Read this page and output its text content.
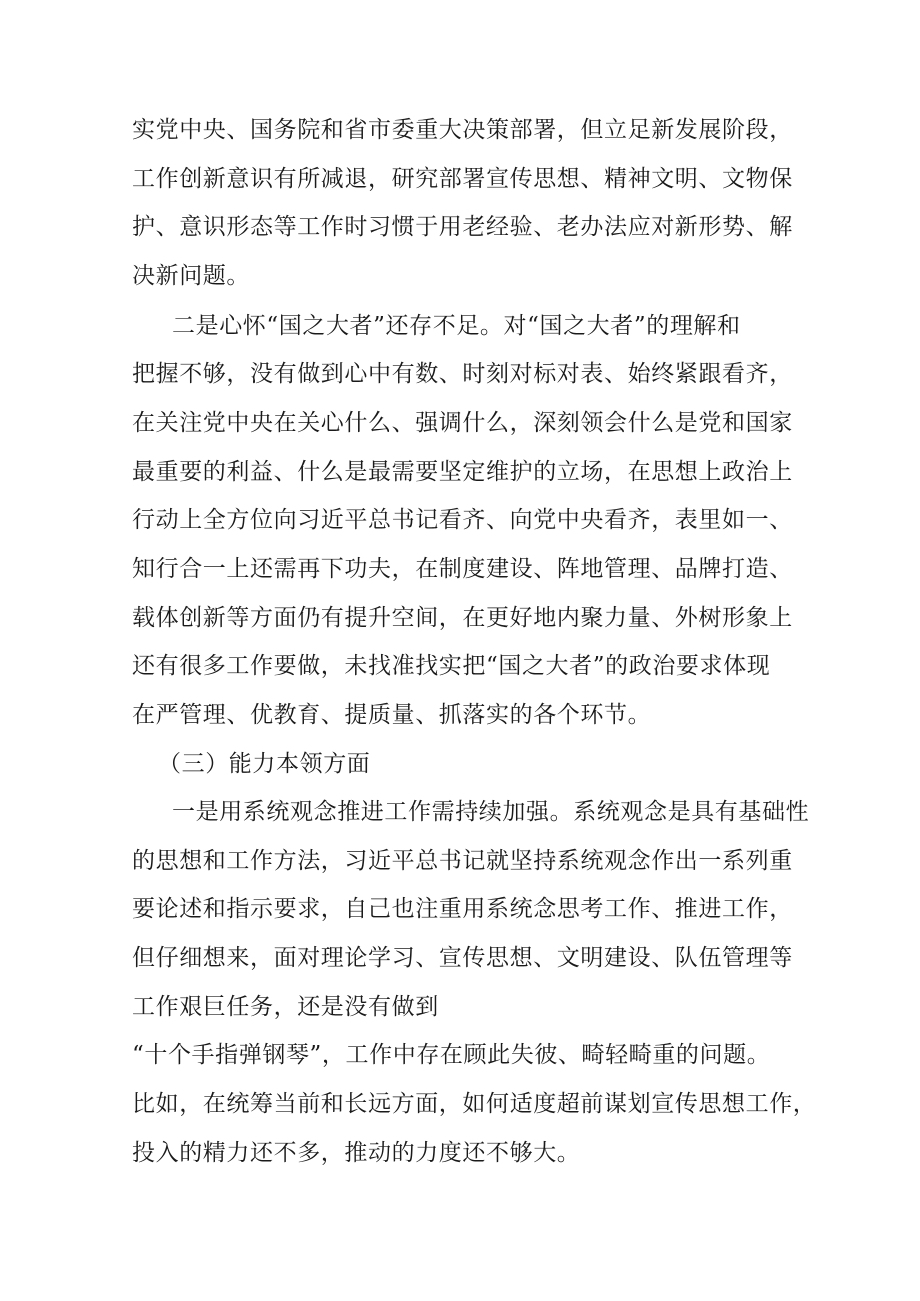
实党中央、国务院和省市委重大决策部署，但立足新发展阶段，
工作创新意识有所减退，研究部署宣传思想、精神文明、文物保
护、意识形态等工作时习惯于用老经验、老办法应对新形势、解
决新问题。
二是心怀“国之大者”还存不足。对“国之大者”的理解和
把握不够，没有做到心中有数、时刻对标对表、始终紧跟看齐，
在关注党中央在关心什么、强调什么，深刻领会什么是党和国家
最重要的利益、什么是最需要坚定维护的立场，在思想上政治上
行动上全方位向习近平总书记看齐、向党中央看齐，表里如一、
知行合一上还需再下功夫，在制度建设、阵地管理、品牌打造、
载体创新等方面仍有提升空间，在更好地内聚力量、外树形象上
还有很多工作要做，未找准找实把“国之大者”的政治要求体现
在严管理、优教育、提质量、抓落实的各个环节。
（三）能力本领方面
一是用系统观念推进工作需持续加强。系统观念是具有基础性
的思想和工作方法，习近平总书记就坚持系统观念作出一系列重
要论述和指示要求，自己也注重用系统念思考工作、推进工作，
但仔细想来，面对理论学习、宣传思想、文明建设、队伍管理等
工作艰巨任务，还是没有做到
“十个手指弹钢琴”，工作中存在顾此失彼、畸轻畸重的问题。
比如，在统筹当前和长远方面，如何适度超前谋划宣传思想工作，
投入的精力还不多，推动的力度还不够大。
